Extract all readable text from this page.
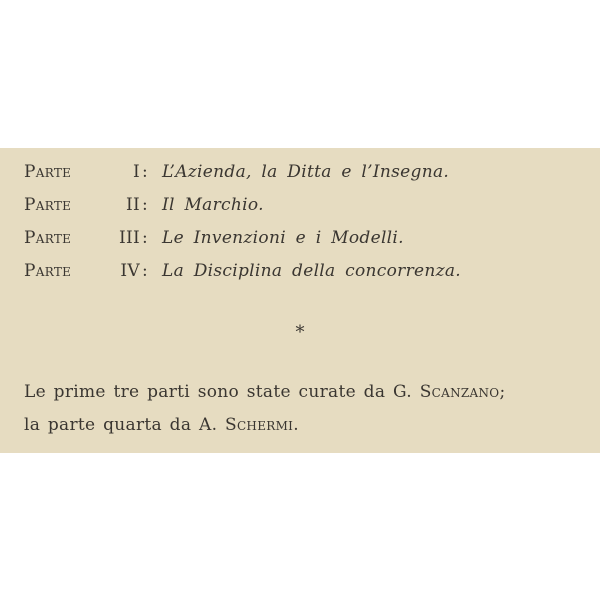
Parte	I : L’Azienda, la Ditta e l’Insegna.
Parte	II : Il Marchio.
Parte	III : Le Invenzioni e i Modelli.
Parte	IV : La Disciplina della concorrenza.
*
Le prime tre parti sono state curate da G. Scanzano;
la parte quarta da A. Schermi.
